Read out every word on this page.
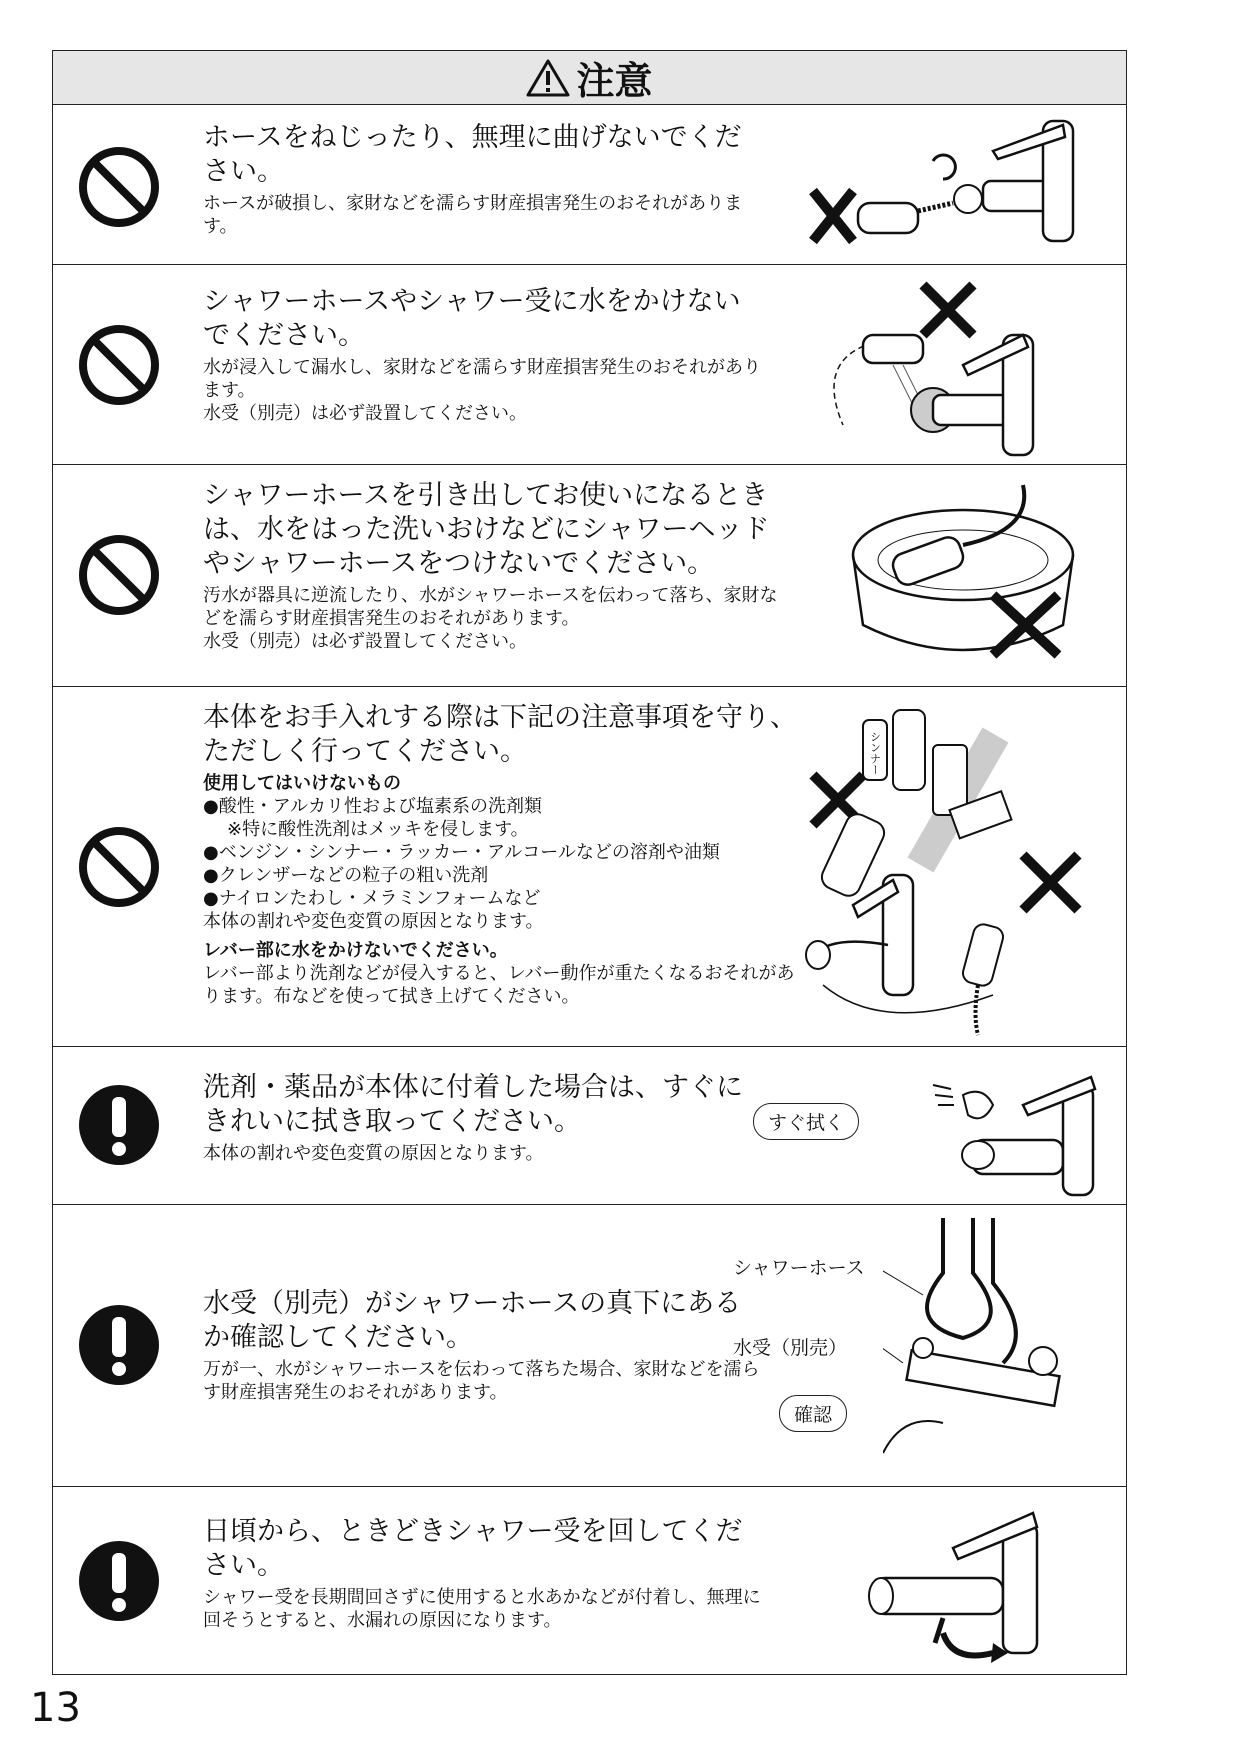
注意
ホースをねじったり、無理に曲げないでください。

ホースが破損し、家財などを濡らす財産損害発生のおそれがあります。

シャワーホースやシャワー受に水をかけないでください。

水が浸入して漏水し、家財などを濡らす財産損害発生のおそれがあります。

水受（別売）は必ず設置してください。

シャワーホースを引き出してお使いになるときは、水をはった洗いおけなどにシャワーヘッドやシャワーホースをつけないでください。

汚水が器具に逆流したり、水がシャワーホースを伝わって落ち、家財などを濡らす財産損害発生のおそれがあります。

水受（別売）は必ず設置してください。

本体をお手入れする際は下記の注意事項を守り、ただしく行ってください。

使用してはいけないもの

●酸性・アルカリ性および塩素系の洗剤類

※特に酸性洗剤はメッキを侵します。

●ベンジン・シンナー・ラッカー・アルコールなどの溶剤や油類

●クレンザーなどの粒子の粗い洗剤

●ナイロンたわし・メラミンフォームなど

本体の割れや変色変質の原因となります。

レバー部に水をかけないでください。

レバー部より洗剤などが侵入すると、レバー動作が重たくなるおそれがあります。布などを使って拭き上げてください。

シンナー
洗剤・薬品が本体に付着した場合は、すぐにきれいに拭き取ってください。

本体の割れや変色変質の原因となります。

すぐ拭く
水受（別売）がシャワーホースの真下にあるか確認してください。

万が一、水がシャワーホースを伝わって落ちた場合、家財などを濡らす財産損害発生のおそれがあります。

シャワーホース
水受（別売）
確認
日頃から、ときどきシャワー受を回してください。

シャワー受を長期間回さずに使用すると水あかなどが付着し、無理に回そうとすると、水漏れの原因になります。

13
